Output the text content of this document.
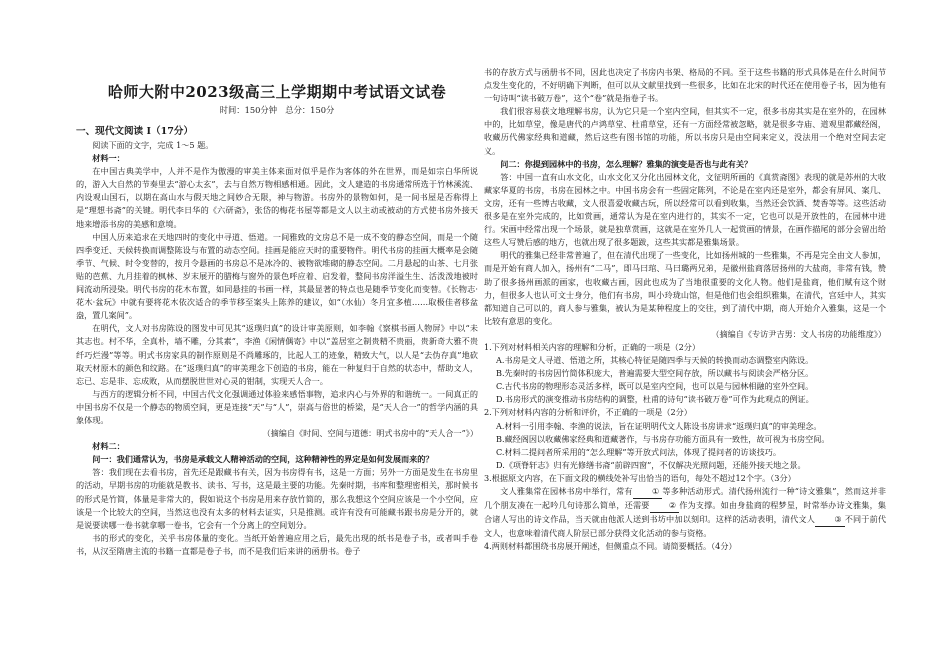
哈师大附中2023级高三上学期期中考试语文试卷
时间：150分钟　总分：150分
一、现代文阅读 I（17分）

阅读下面的文字，完成 1～5 题。

材料一：

在中国古典美学中，人并不是作为傲漫的审美主体来面对似乎是作为客体的外在世界，而是如宗白华所说的，游入大自然的节奏里去“游心太玄”，去与自然万物相感相通。因此，文人建造的书房通常所选于竹林溪流、内设观山国石，以期在高山水与假天地之间妙合无限，神与物游。书房外的景物如何，是一间书屋是否称得上是“理想书斋”的关键。明代李日华的《六研斋》，张岱的梅花书屋等都是文人以主动或被动的方式使书房外接天地来增添书房的美感和意境。

中国人历来追求在天地四时的变化中寻道、悟道。一间雅致的文房总不是一成不变的静态空间，而是一个随四季变迁、天候转换而调整陈设与布置的动态空间。挂画是能应天时的重要物件。明代书房的挂画大概率是会随季节、气候、时令变替的，按月令悬画的书房总不是冰冷的、被物欲堆砌的静态空间。二月悬起的山茶、七月张贴的芭蕉、九月挂着的枫林、岁末展开的腊梅与窗外的景色呼应着、启发着，整间书房洋溢生生、活泼泼地被时间流动所浸染。明代书房的花木布置，如同悬挂的书画一样，其最显著的特点也是随季节变化而变替。《长物志·花木·盆玩》中就有要将花木依次适合的季节移至案头上陈养的建议，如“（水仙）冬月宜多植……取极佳者移盆盎，置几案间”。

在明代，文人对书房陈设的图发中可见其“返璞归真”的设计审美原则，如李翰《察棋书画人物屏》中以“未其志也。村不华，全真朴，墙不雕，分其素”，李渔《闲情偶寄》中以“盖居室之制贵精不贵丽，贵新奇大雅不贵纤巧烂漫”等等。明式书房家具的制作原则是不尚雕琢的，比起人工的迹象，精致大气，以人是“去伪存真”地砍取天材原木的颜色和纹路。在“返璞归真”的审美理念下创造的书房，能在一种复归于自然的状态中，帮助文人，忘已、忘是非、忘成败，从而摆脱世世对心灵的钳制，实现天人合一。

与西方的逻辑分析不同，中国古代文化强调通过体验来感悟事物，追求内心与外界的和谐统一。一间真正的中国书房不仅是一个静态的物质空间，更是连接“天”与“人”，崇高与俗世的桥梁，是“天人合一”的哲学内涵的具象体现。

（摘编自《时间、空间与道德：明式书房中的“天人合一”》）

材料二：

问一：我们通常认为，书房是承载文人精神活动的空间，这种精神性的界定是如何发展而来的？

答：我们现在去看书房，首先还是跟藏书有关，因为书房得有书，这是一方面；另外一方面是发生在书房里的活动，早期书房的功能就是教书、读书、写书，这是最主要的功能。先秦时期，书库和整理密相关，那时候书的形式是竹简，体量是非常大的，假如说这个书房是用来存放竹简的，那么我想这个空间应该是一个小空间，应该是一个比较大的空间，当然这也没有太多的材料去证实，只是推测。或许有没有可能藏书跟书房是分开的，就是说要读哪一卷书就拿哪一卷书，它会有一个分离上的空间划分。

书的形式的变化，关乎书房体量的变化。当纸开始普遍应用之后，最先出现的纸书是卷子书，或者叫手卷书，从汉至隋唐主流的书籍一直都是卷子书，而不是我们后来讲的函册书。卷子

书的存放方式与函册书不同，因此也决定了书房内书架、格局的不同。至于这些书籍的形式具体是在什么时间节点发生变化的，不好明确下判断，但可以从文献里找到一些很多，比如在北宋的时代还在使用卷子书，因为他有一句诗叫“读书破万卷”，这个“卷”就是指卷子书。

我们很容易获文地理解书房，认为它只是一个室内空间，但其实不一定，很多书房其实是在室外的，在园林中的，比如草堂，像是唐代的卢鸿草堂、杜甫草堂，还有一方面经常被忽略，就是很多寺庙、道观里都藏经阁，收藏历代佛家经典和道藏，然后这些有图书馆的功能，所以书房只是由空间来定义，没法用一个绝对空间去定义。

问二：你提到园林中的书房，怎么理解？雅集的演变是否也与此有关？

答：中国一直有山水文化，山水文化又分化出园林文化，文征明所画的《真赏斋图》表现的就是苏州的大收藏家华夏的书房，书房在园林之中。中国书房会有一些固定陈列，不论是在室内还是室外，都会有屏风、案几、文房，还有一些博古收藏，文人很喜爱收藏古玩，所以经常可以看到收集，当然还会饮酒、焚香等等。这些活动很多是在室外完成的，比如赏画，通常认为是在室内进行的，其实不一定，它也可以是开放性的，在园林中进行。宋画中经常出现一个场景，就是独草赏画，这就是在室外几人一起赏画的情景，在画作描尾的部分会留出给这些人写赞后感的地方，也就出现了很多题跋，这些其实都是雅集场景。

明代的雅集已经非常普遍了，但在清代出现了一些变化，比如扬州城的一些雅集，不再是完全由文人参加，而是开始有商人加入，扬州有“二马”，即马曰琯、马曰璐两兄弟，是徽州盐商落居扬州的大盐商，非常有钱，赞助了很多扬州画派的画家，也收藏古画，因此也成为了当地很重要的文化人物。他们是盐商，他们赋有这个财力，但很多人也认可文士身分，他们有书房，叫小玲珑山馆，但是他们也会组织雅集，在清代，宫廷中人，其实都知道自己可以的，商人参与雅集，被认为是某种程度上的交往，到了清代中期，商人开始介入雅集，这是一个比较有意思的变化。

（摘编自《专访尹吉男：文人书房的功能维度》）

1.下列对材料相关内容的理解和分析，正确的一项是（2分）

A.书房是文人寻道、悟道之所，其核心特征是随四季与天候的转换而动态调整室内陈设。

B.先秦时的书房因竹简体积庞大，普遍需要大型空间存放，所以藏书与阅读会严格分区。

C.古代书房的物理形态灵活多样，既可以是室内空间，也可以是与园林相融的室外空间。

D.书房形式的演变推动书房结构的调整，杜甫的诗句“读书破万卷”可作为此观点的例证。

2.下列对材料内容的分析和评价，不正确的一项是（2分）

A.材料一引用李翰、李渔的说法，旨在证明明代文人陈设书房讲求“返璞归真”的审美理念。

B.藏经阁因以收藏佛家经典和道藏著作，与书房存功能方面具有一致性，故可视为书房空间。

C.材料二提问者所采用的“怎么理解”等开放式问法，体现了提问者的访谈技巧。

D.《项脊轩志》归有光修缮书斋“前辟四窗”，不仅解决光照问题，还能外接天地之景。

3.根据原文内容，在下面文段的横线处补写出恰当的语句，每处不超过12个字。（3分）

文人雅集常在园林书房中举行，常有 ① 等多种活动形式。清代扬州流行一种“诗文雅集”，然而这并非几个朋友凑在一起吟几句诗那么简单，还需要 ② 作为支撑。如由身盐商的程梦星，时常举办诗文雅集，集合诸人写出的诗文作品，当天就由他派人送到书坊中加以刻印。这样的活动表明，清代文人 ③ 不同于前代文人，也意味着清代商人阶层已部分获得文化活动的参与资格。

4.两则材料都围绕书房展开阐述，但侧重点不同。请简要概括。（4分）
